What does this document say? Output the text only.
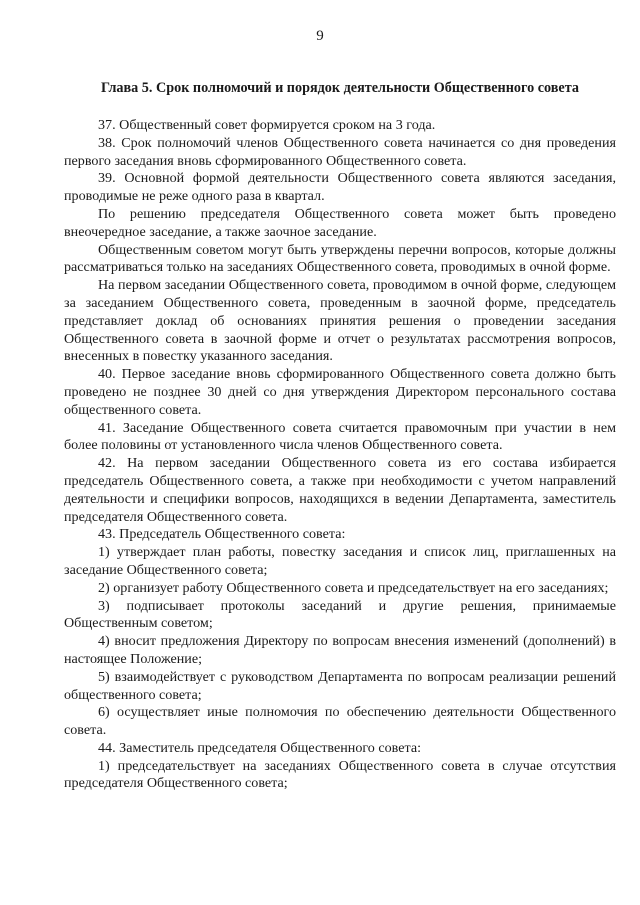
9
Глава 5. Срок полномочий и порядок деятельности Общественного совета

37. Общественный совет формируется сроком на 3 года.

38. Срок полномочий членов Общественного совета начинается со дня проведения первого заседания вновь сформированного Общественного совета.

39. Основной формой деятельности Общественного совета являются заседания, проводимые не реже одного раза в квартал.

По решению председателя Общественного совета может быть проведено внеочередное заседание, а также заочное заседание.

Общественным советом могут быть утверждены перечни вопросов, которые должны рассматриваться только на заседаниях Общественного совета, проводимых в очной форме.

На первом заседании Общественного совета, проводимом в очной форме, следующем за заседанием Общественного совета, проведенным в заочной форме, председатель представляет доклад об основаниях принятия решения о проведении заседания Общественного совета в заочной форме и отчет о результатах рассмотрения вопросов, внесенных в повестку указанного заседания.

40. Первое заседание вновь сформированного Общественного совета должно быть проведено не позднее 30 дней со дня утверждения Директором персонального состава общественного совета.

41. Заседание Общественного совета считается правомочным при участии в нем более половины от установленного числа членов Общественного совета.

42. На первом заседании Общественного совета из его состава избирается председатель Общественного совета, а также при необходимости с учетом направлений деятельности и специфики вопросов, находящихся в ведении Департамента, заместитель председателя Общественного совета.

43. Председатель Общественного совета:

1) утверждает план работы, повестку заседания и список лиц, приглашенных на заседание Общественного совета;

2) организует работу Общественного совета и председательствует на его заседаниях;

3) подписывает протоколы заседаний и другие решения, принимаемые Общественным советом;

4) вносит предложения Директору по вопросам внесения изменений (дополнений) в настоящее Положение;

5) взаимодействует с руководством Департамента по вопросам реализации решений общественного совета;

6) осуществляет иные полномочия по обеспечению деятельности Общественного совета.

44. Заместитель председателя Общественного совета:

1) председательствует на заседаниях Общественного совета в случае отсутствия председателя Общественного совета;
